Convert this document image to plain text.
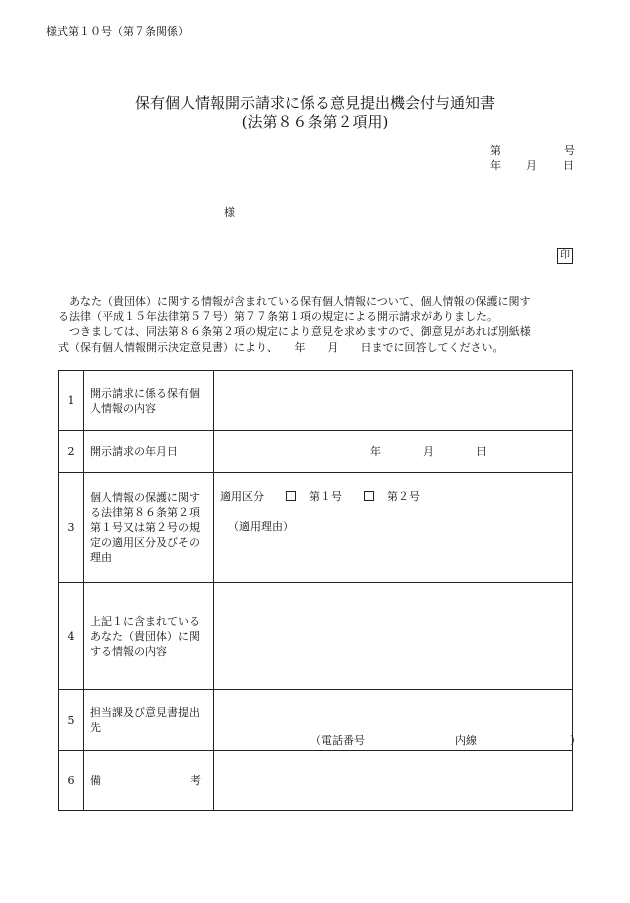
様式第１０号（第７条関係）
保有個人情報開示請求に係る意見提出機会付与通知書
(法第８６条第２項用)
第	号
年 月 日
様
印
　あなた（貴団体）に関する情報が含まれている保有個人情報について、個人情報の保護に関す
る法律（平成１５年法律第５７号）第７７条第１項の規定による開示請求がありました。
　つきましては、同法第８６条第２項の規定により意見を求めますので、御意見があれば別紙様
式（保有個人情報開示決定意見書）により、　　年　　月　　日までに回答してください。
1	開示請求に係る保有個人情報の内容	
2	開示請求の年月日	年 月 日

3	個人情報の保護に関する法律第８６条第２項第１号又は第２号の規定の適用区分及びその理由	適用区分 第１号 第２号
（適用理由）

4	上記１に含まれているあなた（貴団体）に関する情報の内容	
5	担当課及び意見書提出先	（電話番号 内線 ）

6	備 考	
